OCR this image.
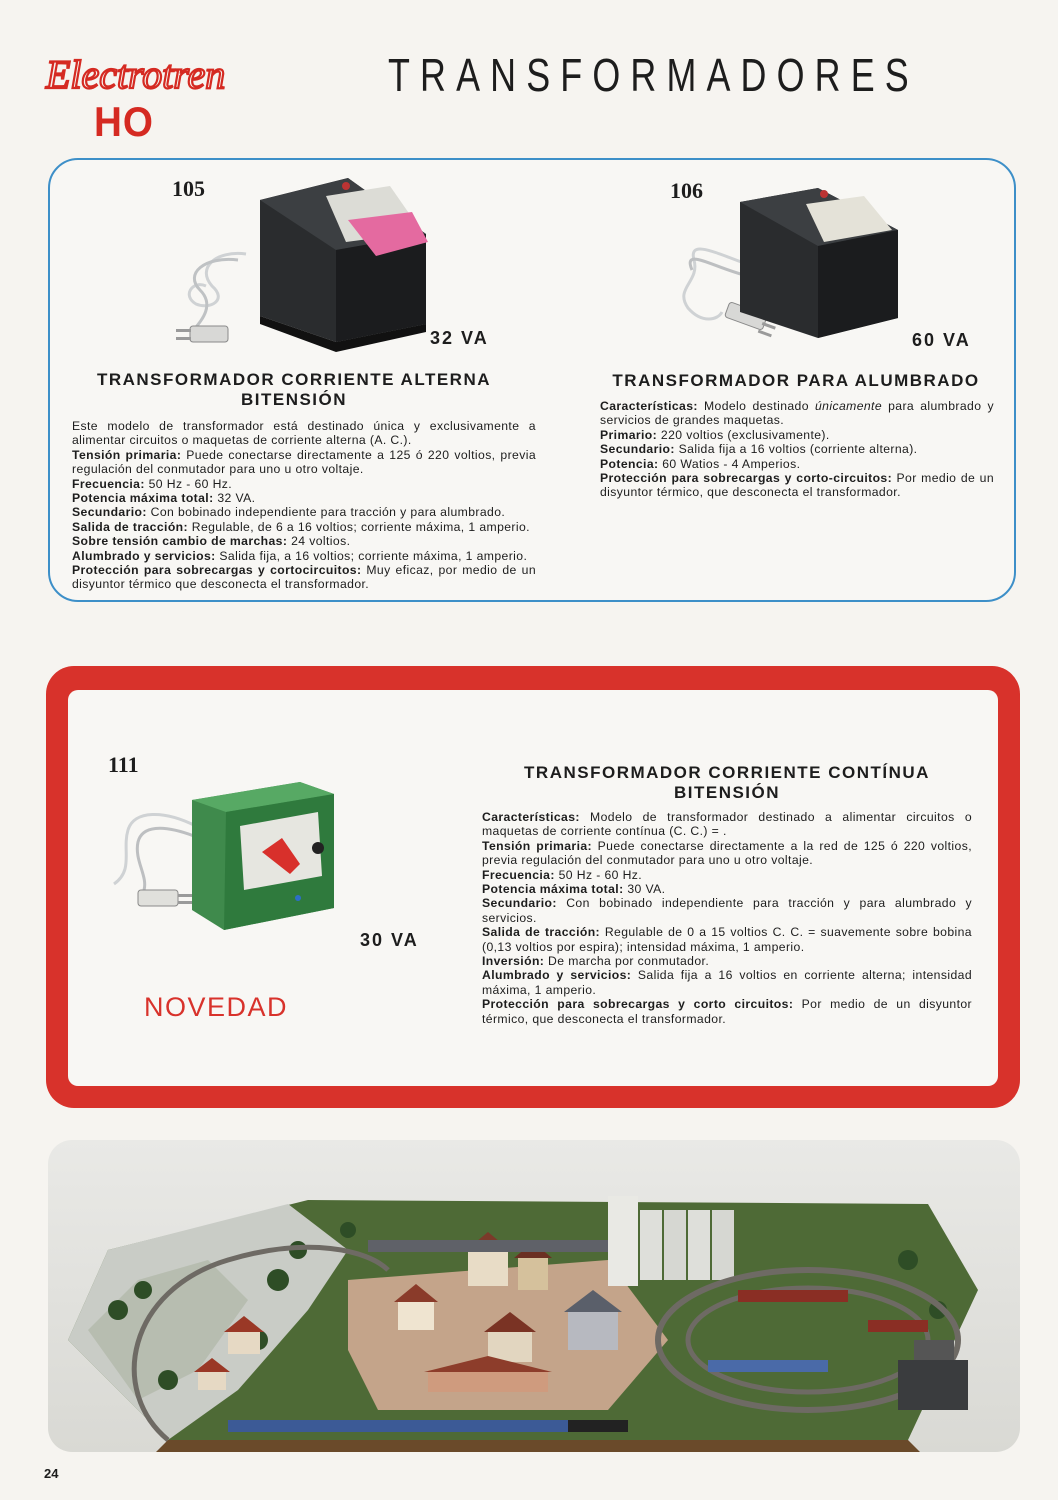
Electrotren
HO
TRANSFORMADORES
105
32 VA
TRANSFORMADOR CORRIENTE ALTERNA
BITENSIÓN

Este modelo de transformador está destinado única y exclusivamente a alimentar circuitos o maquetas de corriente alterna (A. C.).

Tensión primaria: Puede conectarse directamente a 125 ó 220 voltios, previa regulación del conmutador para uno u otro voltaje.

Frecuencia: 50 Hz - 60 Hz.

Potencia máxima total: 32 VA.

Secundario: Con bobinado independiente para tracción y para alumbrado.

Salida de tracción: Regulable, de 6 a 16 voltios; corriente máxima, 1 amperio.

Sobre tensión cambio de marchas: 24 voltios.

Alumbrado y servicios: Salida fija, a 16 voltios; corriente máxima, 1 amperio.

Protección para sobrecargas y cortocircuitos: Muy eficaz, por medio de un disyuntor térmico que desconecta el transformador.

106
60 VA
TRANSFORMADOR PARA ALUMBRADO

Características: Modelo destinado únicamente para alumbrado y servicios de grandes maquetas.

Primario: 220 voltios (exclusivamente).

Secundario: Salida fija a 16 voltios (corriente alterna).

Potencia: 60 Watios - 4 Amperios.

Protección para sobrecargas y corto-circuitos: Por medio de un disyuntor térmico, que desconecta el transformador.

111
30 VA
NOVEDAD
TRANSFORMADOR CORRIENTE CONTÍNUA
BITENSIÓN

Características: Modelo de transformador destinado a alimentar circuitos o maquetas de corriente contínua (C. C.) = .

Tensión primaria: Puede conectarse directamente a la red de 125 ó 220 voltios, previa regulación del conmutador para uno u otro voltaje.

Frecuencia: 50 Hz - 60 Hz.

Potencia máxima total: 30 VA.

Secundario: Con bobinado independiente para tracción y para alumbrado y servicios.

Salida de tracción: Regulable de 0 a 15 voltios C. C. = suavemente sobre bobina (0,13 voltios por espira); intensidad máxima, 1 amperio.

Inversión: De marcha por conmutador.

Alumbrado y servicios: Salida fija a 16 voltios en corriente alterna; intensidad máxima, 1 amperio.

Protección para sobrecargas y corto circuitos: Por medio de un disyuntor térmico, que desconecta el transformador.

24
